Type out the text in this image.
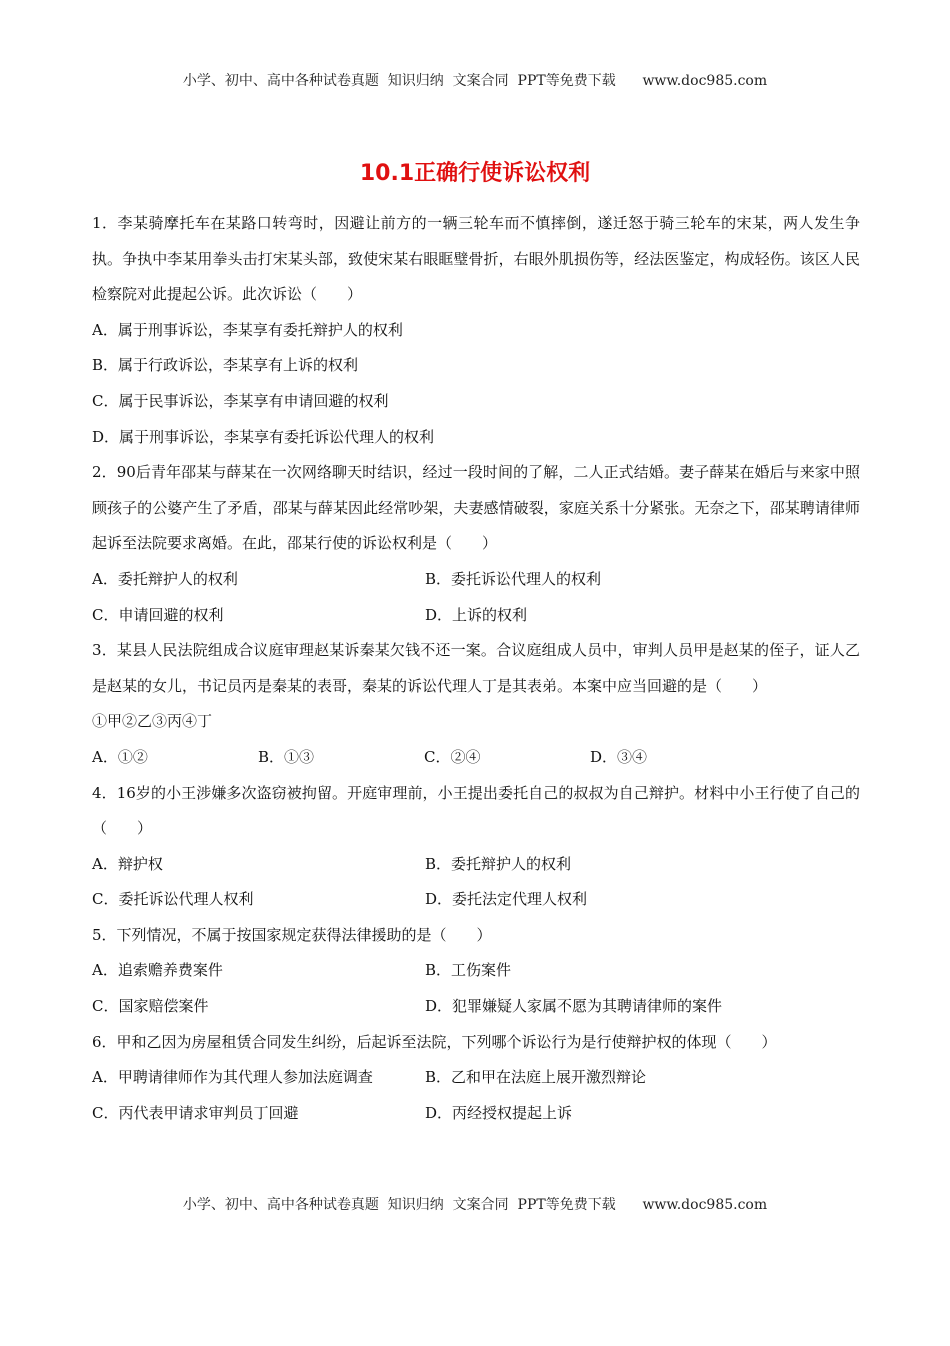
小学、初中、高中各种试卷真题  知识归纳  文案合同  PPT等免费下载      www.doc985.com
10.1正确行使诉讼权利
1．李某骑摩托车在某路口转弯时，因避让前方的一辆三轮车而不慎摔倒，遂迁怒于骑三轮车的宋某，两人发生争执。争执中李某用拳头击打宋某头部，致使宋某右眼眶璧骨折，右眼外肌损伤等，经法医鉴定，构成轻伤。该区人民检察院对此提起公诉。此次诉讼（　　）
A．属于刑事诉讼，李某享有委托辩护人的权利
B．属于行政诉讼，李某享有上诉的权利
C．属于民事诉讼，李某享有申请回避的权利
D．属于刑事诉讼，李某享有委托诉讼代理人的权利
2．90后青年邵某与薛某在一次网络聊天时结识，经过一段时间的了解，二人正式结婚。妻子薛某在婚后与来家中照顾孩子的公婆产生了矛盾，邵某与薛某因此经常吵架，夫妻感情破裂，家庭关系十分紧张。无奈之下，邵某聘请律师起诉至法院要求离婚。在此，邵某行使的诉讼权利是（　　）
A．委托辩护人的权利	B．委托诉讼代理人的权利
C．申请回避的权利	D．上诉的权利
3．某县人民法院组成合议庭审理赵某诉秦某欠钱不还一案。合议庭组成人员中，审判人员甲是赵某的侄子，证人乙是赵某的女儿，书记员丙是秦某的表哥，秦某的诉讼代理人丁是其表弟。本案中应当回避的是（　　）
①甲②乙③丙④丁
A．①②	B．①③	C．②④	D．③④
4．16岁的小王涉嫌多次盗窃被拘留。开庭审理前，小王提出委托自己的叔叔为自己辩护。材料中小王行使了自己的（　　）
A．辩护权	B．委托辩护人的权利
C．委托诉讼代理人权利	D．委托法定代理人权利
5．下列情况，不属于按国家规定获得法律援助的是（　　）
A．追索赡养费案件	B．工伤案件
C．国家赔偿案件	D．犯罪嫌疑人家属不愿为其聘请律师的案件
6．甲和乙因为房屋租赁合同发生纠纷，后起诉至法院，下列哪个诉讼行为是行使辩护权的体现（　　）
A．甲聘请律师作为其代理人参加法庭调查	B．乙和甲在法庭上展开激烈辩论
C．丙代表甲请求审判员丁回避	D．丙经授权提起上诉
小学、初中、高中各种试卷真题  知识归纳  文案合同  PPT等免费下载      www.doc985.com
